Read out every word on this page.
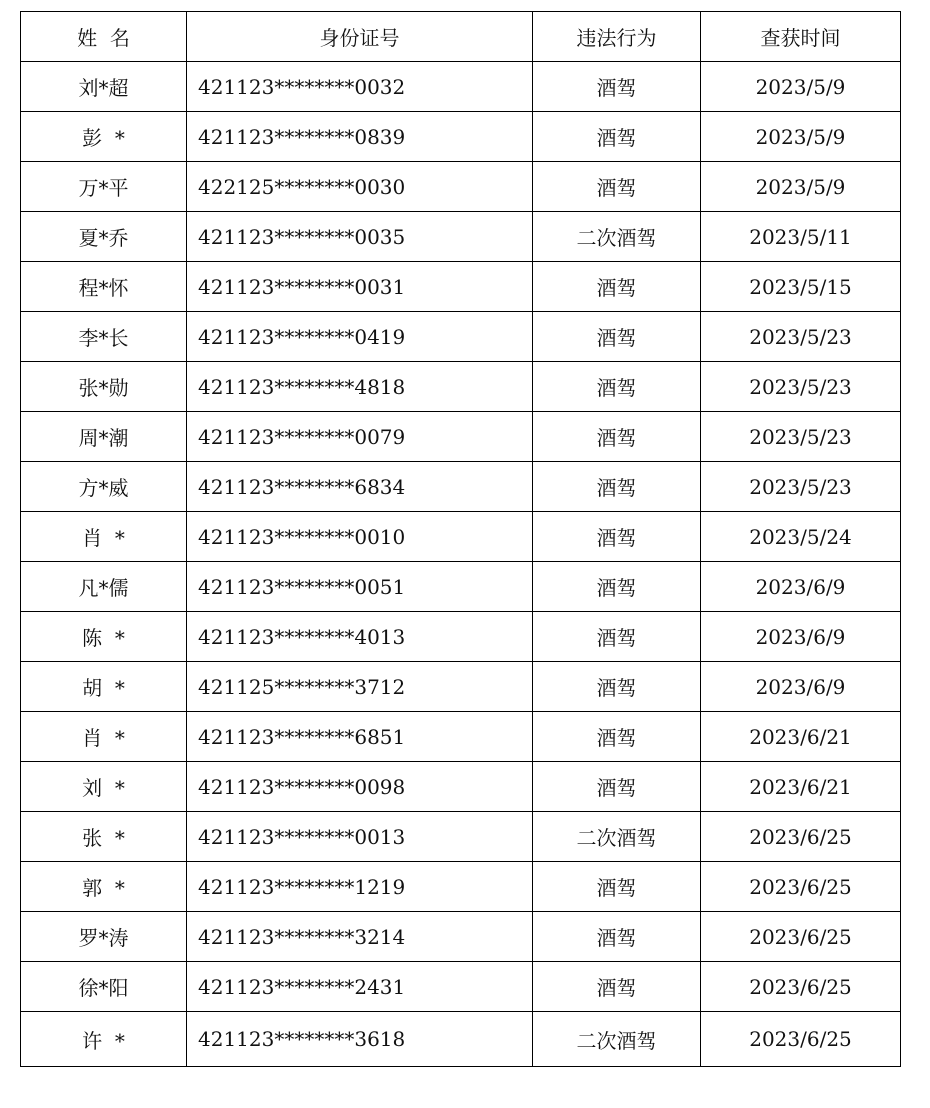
姓  名	身份证号	违法行为	查获时间
刘*超	421123********0032	酒驾	2023/5/9
彭  *	421123********0839	酒驾	2023/5/9
万*平	422125********0030	酒驾	2023/5/9
夏*乔	421123********0035	二次酒驾	2023/5/11
程*怀	421123********0031	酒驾	2023/5/15
李*长	421123********0419	酒驾	2023/5/23
张*勋	421123********4818	酒驾	2023/5/23
周*潮	421123********0079	酒驾	2023/5/23
方*威	421123********6834	酒驾	2023/5/23
肖  *	421123********0010	酒驾	2023/5/24
凡*儒	421123********0051	酒驾	2023/6/9
陈  *	421123********4013	酒驾	2023/6/9
胡  *	421125********3712	酒驾	2023/6/9
肖  *	421123********6851	酒驾	2023/6/21
刘  *	421123********0098	酒驾	2023/6/21
张  *	421123********0013	二次酒驾	2023/6/25
郭  *	421123********1219	酒驾	2023/6/25
罗*涛	421123********3214	酒驾	2023/6/25
徐*阳	421123********2431	酒驾	2023/6/25
许  *	421123********3618	二次酒驾	2023/6/25
